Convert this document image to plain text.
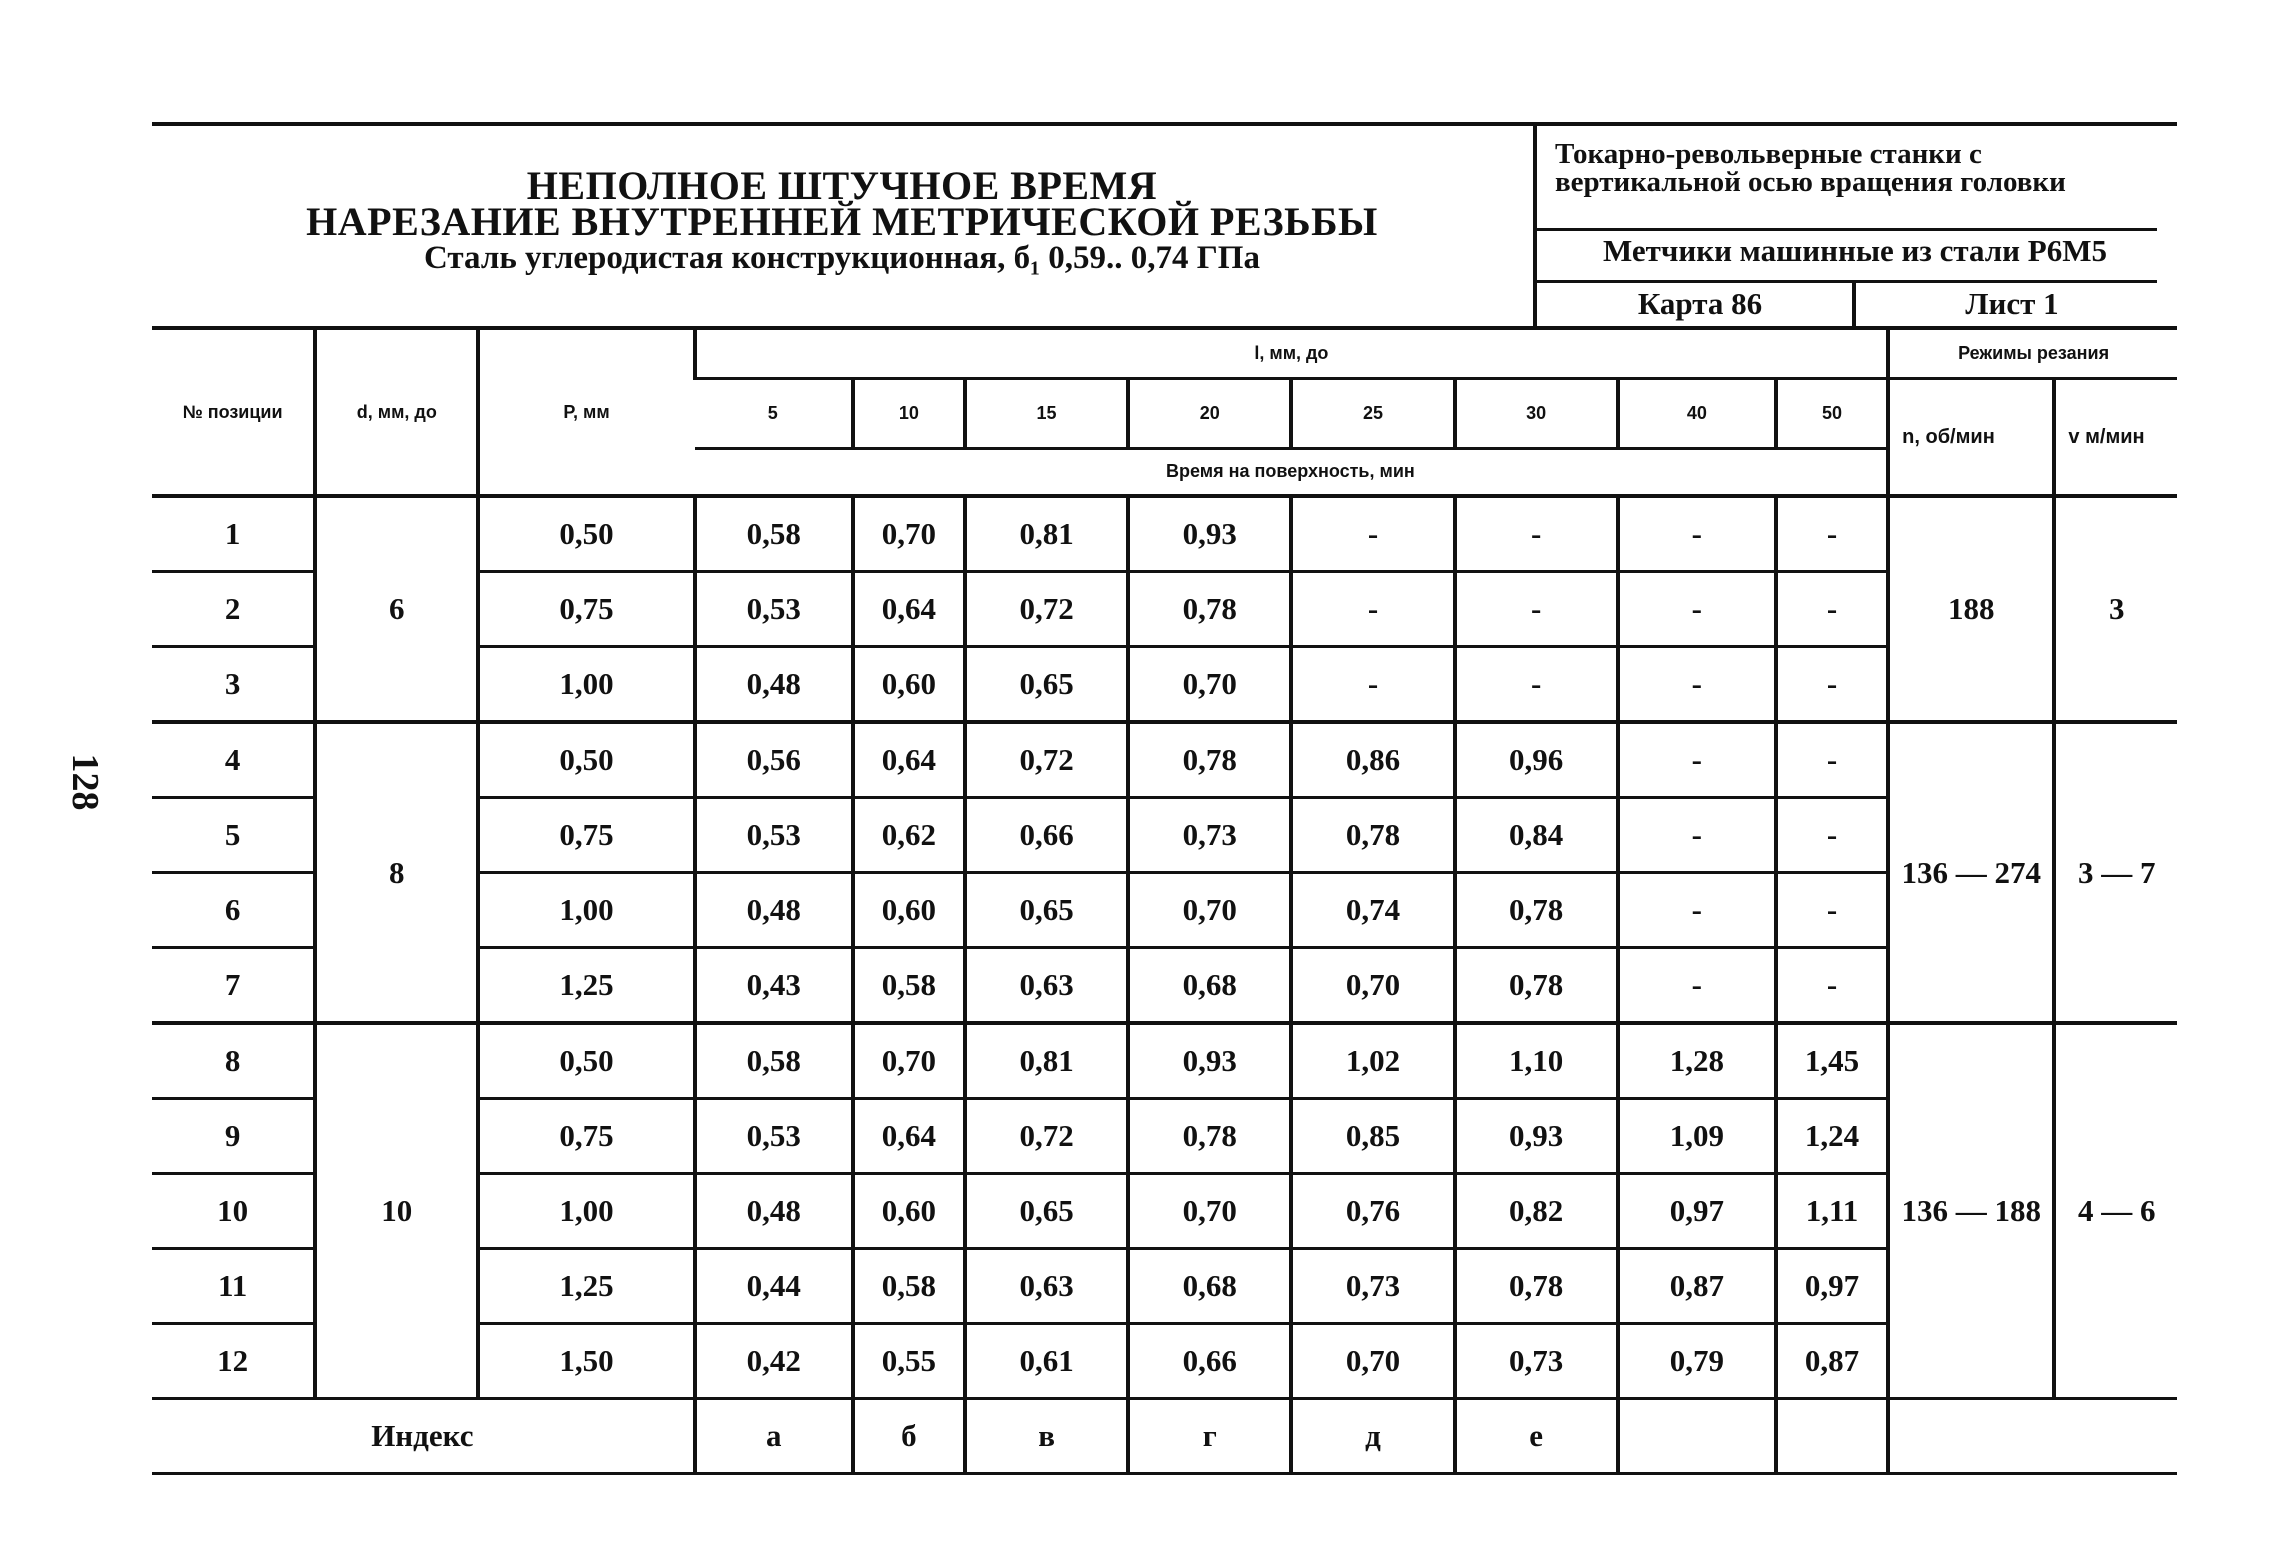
128
НЕПОЛНОЕ ШТУЧНОЕ ВРЕМЯ
НАРЕЗАНИЕ ВНУТРЕННЕЙ МЕТРИЧЕСКОЙ РЕЗЬБЫ
Сталь углеродистая конструкционная, б₁ 0,59.. 0,74 ГПа
Токарно-револьверные станки с
вертикальной осью вращения головки
Метчики машинные из стали Р6М5
Карта 86	Лист 1
№ позиции	d, мм, до	P, мм	l, мм, до								Режимы резания	
			5	10	15	20	25	30	40	50	n, об/мин	v м/мин
			Время на поверхность, мин									
1	6	0,50	0,58	0,70	0,81	0,93	-	-	-	-	188	3
2		0,75	0,53	0,64	0,72	0,78	-	-	-	-		
3		1,00	0,48	0,60	0,65	0,70	-	-	-	-		
4	8	0,50	0,56	0,64	0,72	0,78	0,86	0,96	-	-	136 — 274	3 — 7
5		0,75	0,53	0,62	0,66	0,73	0,78	0,84	-	-		
6		1,00	0,48	0,60	0,65	0,70	0,74	0,78	-	-		
7		1,25	0,43	0,58	0,63	0,68	0,70	0,78	-	-		
8	10	0,50	0,58	0,70	0,81	0,93	1,02	1,10	1,28	1,45	136 — 188	4 — 6
9		0,75	0,53	0,64	0,72	0,78	0,85	0,93	1,09	1,24		
10		1,00	0,48	0,60	0,65	0,70	0,76	0,82	0,97	1,11		
11		1,25	0,44	0,58	0,63	0,68	0,73	0,78	0,87	0,97		
12		1,50	0,42	0,55	0,61	0,66	0,70	0,73	0,79	0,87		
Индекс			а	б	в	г	д	е				
